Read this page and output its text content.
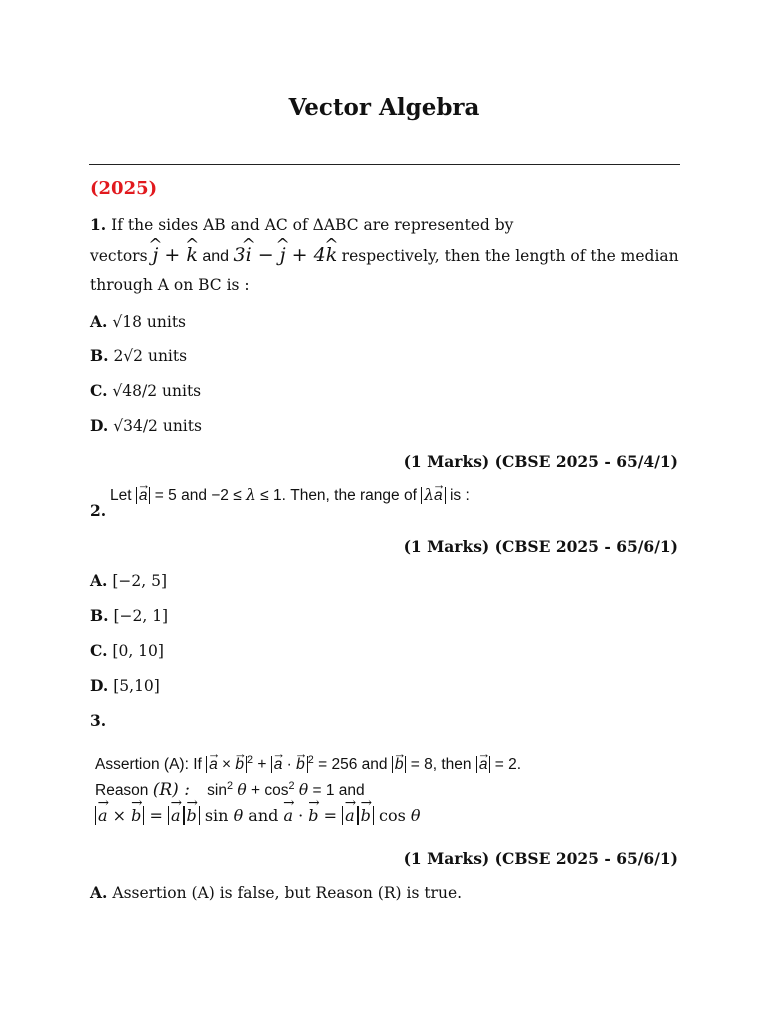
Vector Algebra
(2025)
1. If the sides AB and AC of ΔABC are represented by
vectors ^ j + ^ k and 3^ i − ^ j + 4^ k respectively, then the length of the median
through A on BC is :
A. √18 units
B. 2√2 units
C. √48/2 units
D. √34/2 units
(1 Marks) (CBSE 2025 - 65/4/1)
2.
Let → a = 5 and −2 ≤ λ ≤ 1. Then, the range of λ→ a is :
(1 Marks) (CBSE 2025 - 65/6/1)
A. [−2, 5]
B. [−2, 1]
C. [0, 10]
D. [5,10]
3.
Assertion (A): If → a × → b $^2$ + → a · → b $^2$ = 256 and → b = 8, then → a = 2.
Reason (R) :    $\sin^2 \theta + \cos^2 \theta = 1$ and
→ a × → b = → a → b sin θ and → a · → b = → a → b cos θ
(1 Marks) (CBSE 2025 - 65/6/1)
A. Assertion (A) is false, but Reason (R) is true.
